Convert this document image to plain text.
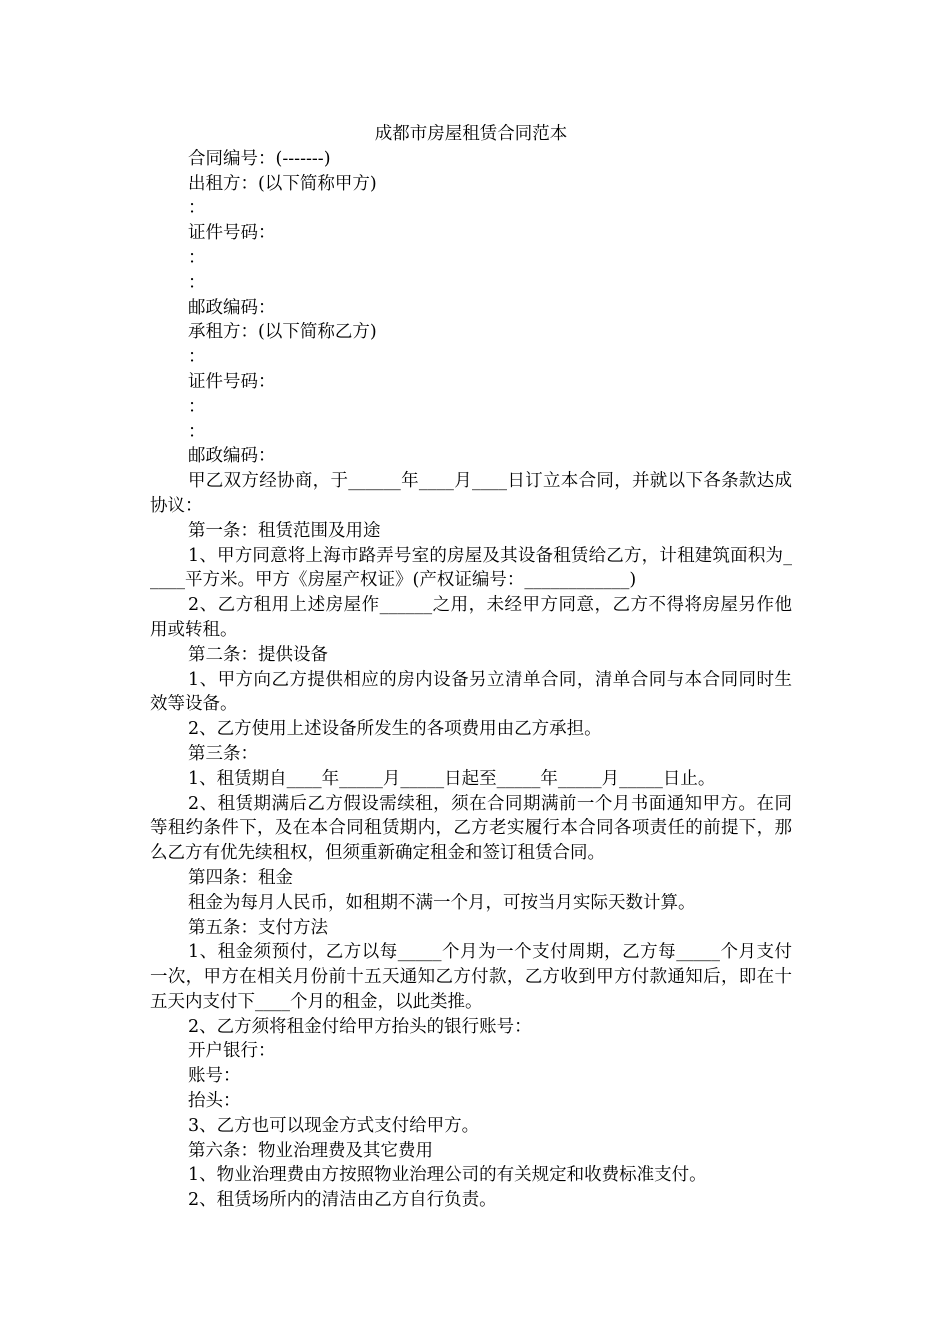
成都市房屋租赁合同范本
合同编号：(-------)
出租方：(以下简称甲方)
：
证件号码：
：
：
邮政编码：
承租方：(以下简称乙方)
：
证件号码：
：
：
邮政编码：
甲乙双方经协商，于______年____月____日订立本合同，并就以下各条款达成协议：
第一条：租赁范围及用途
1、甲方同意将上海市路弄号室的房屋及其设备租赁给乙方，计租建筑面积为_____平方米。甲方《房屋产权证》(产权证编号：____________)
2、乙方租用上述房屋作______之用，未经甲方同意，乙方不得将房屋另作他用或转租。
第二条：提供设备
1、甲方向乙方提供相应的房内设备另立清单合同，清单合同与本合同同时生效等设备。
2、乙方使用上述设备所发生的各项费用由乙方承担。
第三条：
1、租赁期自____年_____月_____日起至_____年_____月_____日止。
2、租赁期满后乙方假设需续租，须在合同期满前一个月书面通知甲方。在同等租约条件下，及在本合同租赁期内，乙方老实履行本合同各项责任的前提下，那么乙方有优先续租权，但须重新确定租金和签订租赁合同。
第四条：租金
租金为每月人民币，如租期不满一个月，可按当月实际天数计算。
第五条：支付方法
1、租金须预付，乙方以每_____个月为一个支付周期，乙方每_____个月支付一次，甲方在相关月份前十五天通知乙方付款，乙方收到甲方付款通知后，即在十五天内支付下____个月的租金，以此类推。
2、乙方须将租金付给甲方抬头的银行账号：
开户银行：
账号：
抬头：
3、乙方也可以现金方式支付给甲方。
第六条：物业治理费及其它费用
1、物业治理费由方按照物业治理公司的有关规定和收费标准支付。
2、租赁场所内的清洁由乙方自行负责。
